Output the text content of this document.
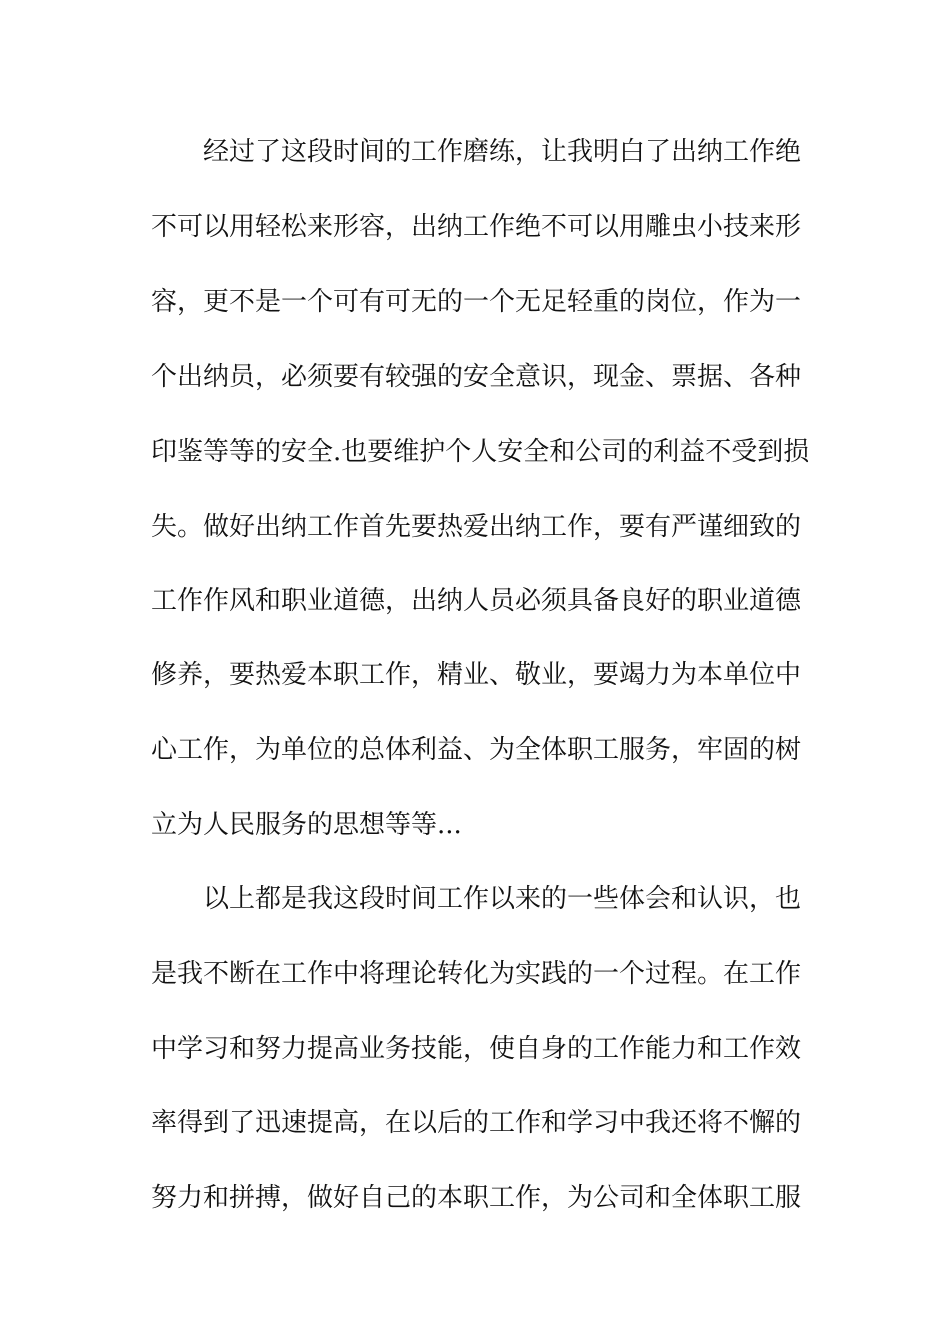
经过了这段时间的工作磨练，让我明白了出纳工作绝
不可以用轻松来形容，出纳工作绝不可以用雕虫小技来形
容，更不是一个可有可无的一个无足轻重的岗位，作为一
个出纳员，必须要有较强的安全意识，现金、票据、各种
印鉴等等的安全.也要维护个人安全和公司的利益不受到损
失。做好出纳工作首先要热爱出纳工作，要有严谨细致的
工作作风和职业道德，出纳人员必须具备良好的职业道德
修养，要热爱本职工作，精业、敬业，要竭力为本单位中
心工作，为单位的总体利益、为全体职工服务，牢固的树
立为人民服务的思想等等...
以上都是我这段时间工作以来的一些体会和认识，也
是我不断在工作中将理论转化为实践的一个过程。在工作
中学习和努力提高业务技能，使自身的工作能力和工作效
率得到了迅速提高，在以后的工作和学习中我还将不懈的
努力和拼搏，做好自己的本职工作，为公司和全体职工服
